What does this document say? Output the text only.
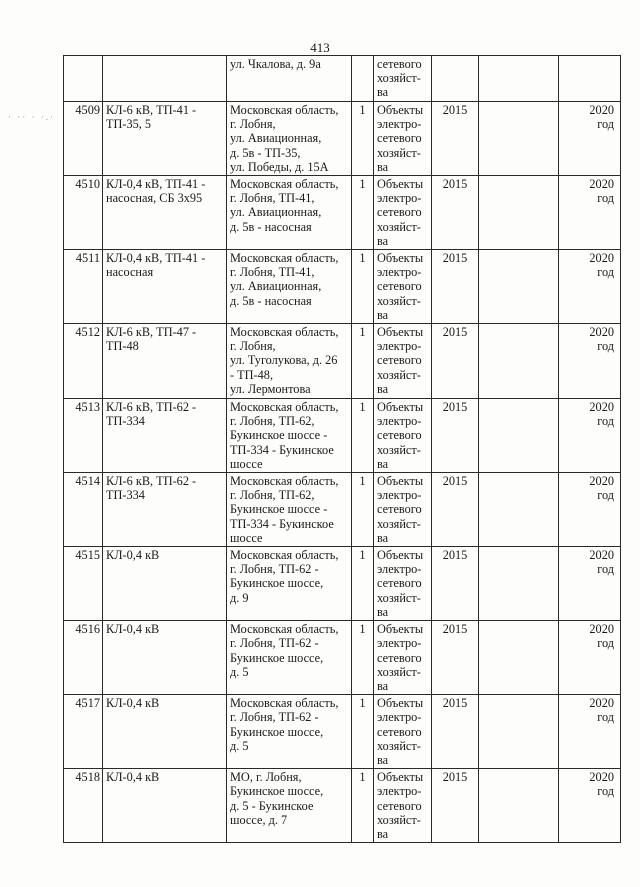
413
· ·· · ·.·

		ул. Чкалова, д. 9а		сетевого
хозяйст-
ва			

4509	КЛ-6 кВ, ТП-41 -
ТП-35, 5	Московская область,
г. Лобня,
ул. Авиационная,
д. 5в - ТП-35,
ул. Победы, д. 15А	1	Объекты
электро-
сетевого
хозяйст-
ва	2015		2020
год

4510	КЛ-0,4 кВ, ТП-41 -
насосная, СБ 3х95	Московская область,
г. Лобня, ТП-41,
ул. Авиационная,
д. 5в - насосная	1	Объекты
электро-
сетевого
хозяйст-
ва	2015		2020
год

4511	КЛ-0,4 кВ, ТП-41 -
насосная	Московская область,
г. Лобня, ТП-41,
ул. Авиационная,
д. 5в - насосная	1	Объекты
электро-
сетевого
хозяйст-
ва	2015		2020
год

4512	КЛ-6 кВ, ТП-47 -
ТП-48	Московская область,
г. Лобня,
ул. Туголукова, д. 26
- ТП-48,
ул. Лермонтова	1	Объекты
электро-
сетевого
хозяйст-
ва	2015		2020
год

4513	КЛ-6 кВ, ТП-62 -
ТП-334	Московская область,
г. Лобня, ТП-62,
Букинское шоссе -
ТП-334 - Букинское
шоссе	1	Объекты
электро-
сетевого
хозяйст-
ва	2015		2020
год

4514	КЛ-6 кВ, ТП-62 -
ТП-334	Московская область,
г. Лобня, ТП-62,
Букинское шоссе -
ТП-334 - Букинское
шоссе	1	Объекты
электро-
сетевого
хозяйст-
ва	2015		2020
год

4515	КЛ-0,4 кВ	Московская область,
г. Лобня, ТП-62 -
Букинское шоссе,
д. 9	1	Объекты
электро-
сетевого
хозяйст-
ва	2015		2020
год

4516	КЛ-0,4 кВ	Московская область,
г. Лобня, ТП-62 -
Букинское шоссе,
д. 5	1	Объекты
электро-
сетевого
хозяйст-
ва	2015		2020
год

4517	КЛ-0,4 кВ	Московская область,
г. Лобня, ТП-62 -
Букинское шоссе,
д. 5	1	Объекты
электро-
сетевого
хозяйст-
ва	2015		2020
год

4518	КЛ-0,4 кВ	МО, г. Лобня,
Букинское шоссе,
д. 5 - Букинское
шоссе, д. 7	1	Объекты
электро-
сетевого
хозяйст-
ва	2015		2020
год
